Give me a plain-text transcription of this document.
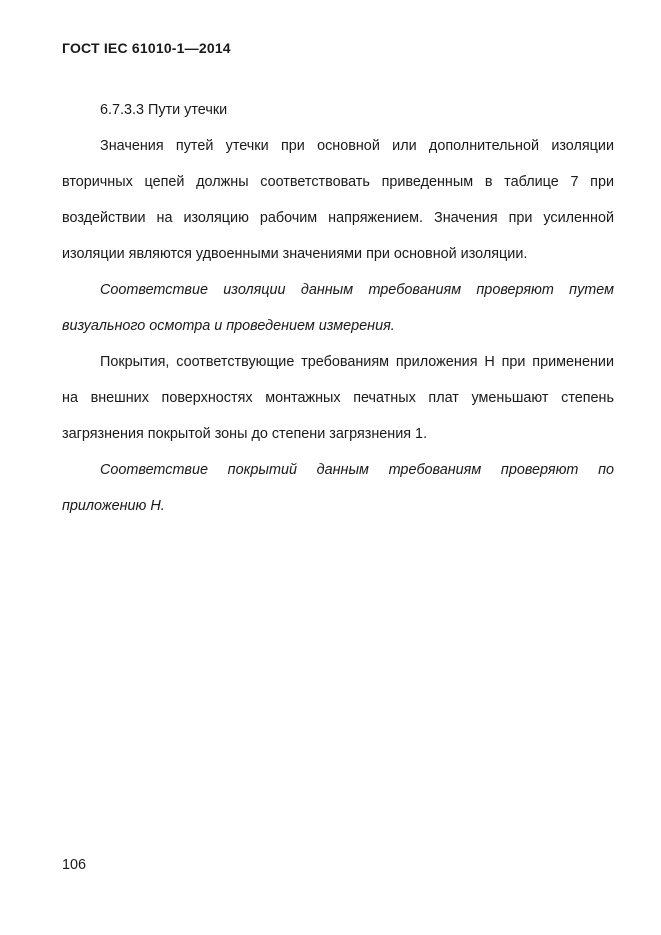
ГОСТ IEC 61010-1—2014

6.7.3.3 Пути утечки

Значения путей утечки при основной или дополнительной изоляции вторичных цепей должны соответствовать приведенным в таблице 7 при воздействии на изоляцию рабочим напряжением. Значения при усиленной изоляции являются удвоенными значениями при основной изоляции.

Соответствие изоляции данным требованиям проверяют путем визуального осмотра и проведением измерения.

Покрытия, соответствующие требованиям приложения Н при применении на внешних поверхностях монтажных печатных плат уменьшают степень загрязнения покрытой зоны до степени загрязнения 1.

Соответствие покрытий данным требованиям проверяют по приложению Н.

106
